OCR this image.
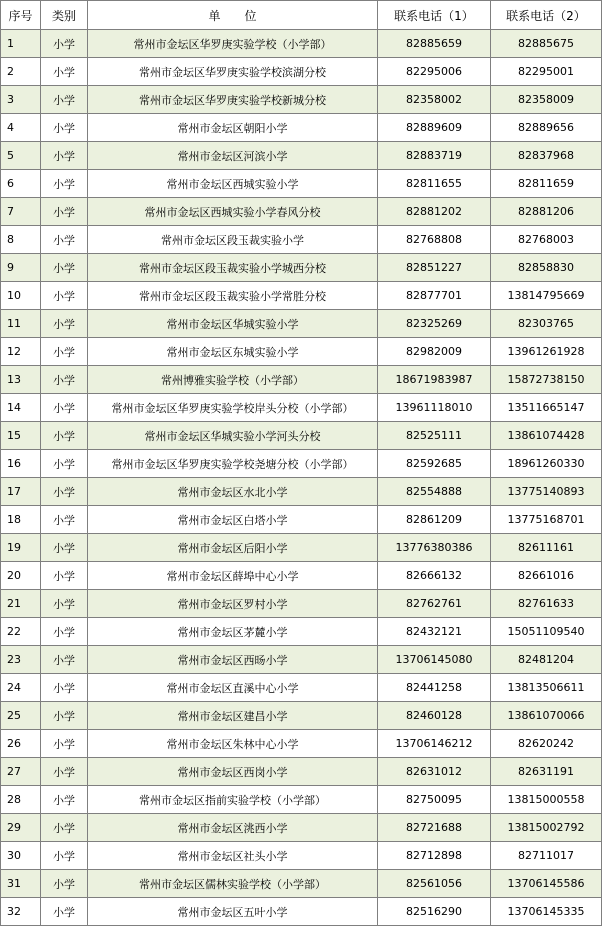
序号	类别	单　　位	联系电话（1）	联系电话（2）
1	小学	常州市金坛区华罗庚实验学校（小学部）	82885659	82885675
2	小学	常州市金坛区华罗庚实验学校滨湖分校	82295006	82295001
3	小学	常州市金坛区华罗庚实验学校新城分校	82358002	82358009
4	小学	常州市金坛区朝阳小学	82889609	82889656
5	小学	常州市金坛区河滨小学	82883719	82837968
6	小学	常州市金坛区西城实验小学	82811655	82811659
7	小学	常州市金坛区西城实验小学春风分校	82881202	82881206
8	小学	常州市金坛区段玉裁实验小学	82768808	82768003
9	小学	常州市金坛区段玉裁实验小学城西分校	82851227	82858830
10	小学	常州市金坛区段玉裁实验小学常胜分校	82877701	13814795669
11	小学	常州市金坛区华城实验小学	82325269	82303765
12	小学	常州市金坛区东城实验小学	82982009	13961261928
13	小学	常州博雅实验学校（小学部）	18671983987	15872738150
14	小学	常州市金坛区华罗庚实验学校岸头分校（小学部）	13961118010	13511665147
15	小学	常州市金坛区华城实验小学河头分校	82525111	13861074428
16	小学	常州市金坛区华罗庚实验学校尧塘分校（小学部）	82592685	18961260330
17	小学	常州市金坛区水北小学	82554888	13775140893
18	小学	常州市金坛区白塔小学	82861209	13775168701
19	小学	常州市金坛区后阳小学	13776380386	82611161
20	小学	常州市金坛区薛埠中心小学	82666132	82661016
21	小学	常州市金坛区罗村小学	82762761	82761633
22	小学	常州市金坛区茅麓小学	82432121	15051109540
23	小学	常州市金坛区西旸小学	13706145080	82481204
24	小学	常州市金坛区直溪中心小学	82441258	13813506611
25	小学	常州市金坛区建昌小学	82460128	13861070066
26	小学	常州市金坛区朱林中心小学	13706146212	82620242
27	小学	常州市金坛区西岗小学	82631012	82631191
28	小学	常州市金坛区指前实验学校（小学部）	82750095	13815000558
29	小学	常州市金坛区洮西小学	82721688	13815002792
30	小学	常州市金坛区社头小学	82712898	82711017
31	小学	常州市金坛区儒林实验学校（小学部）	82561056	13706145586
32	小学	常州市金坛区五叶小学	82516290	13706145335
